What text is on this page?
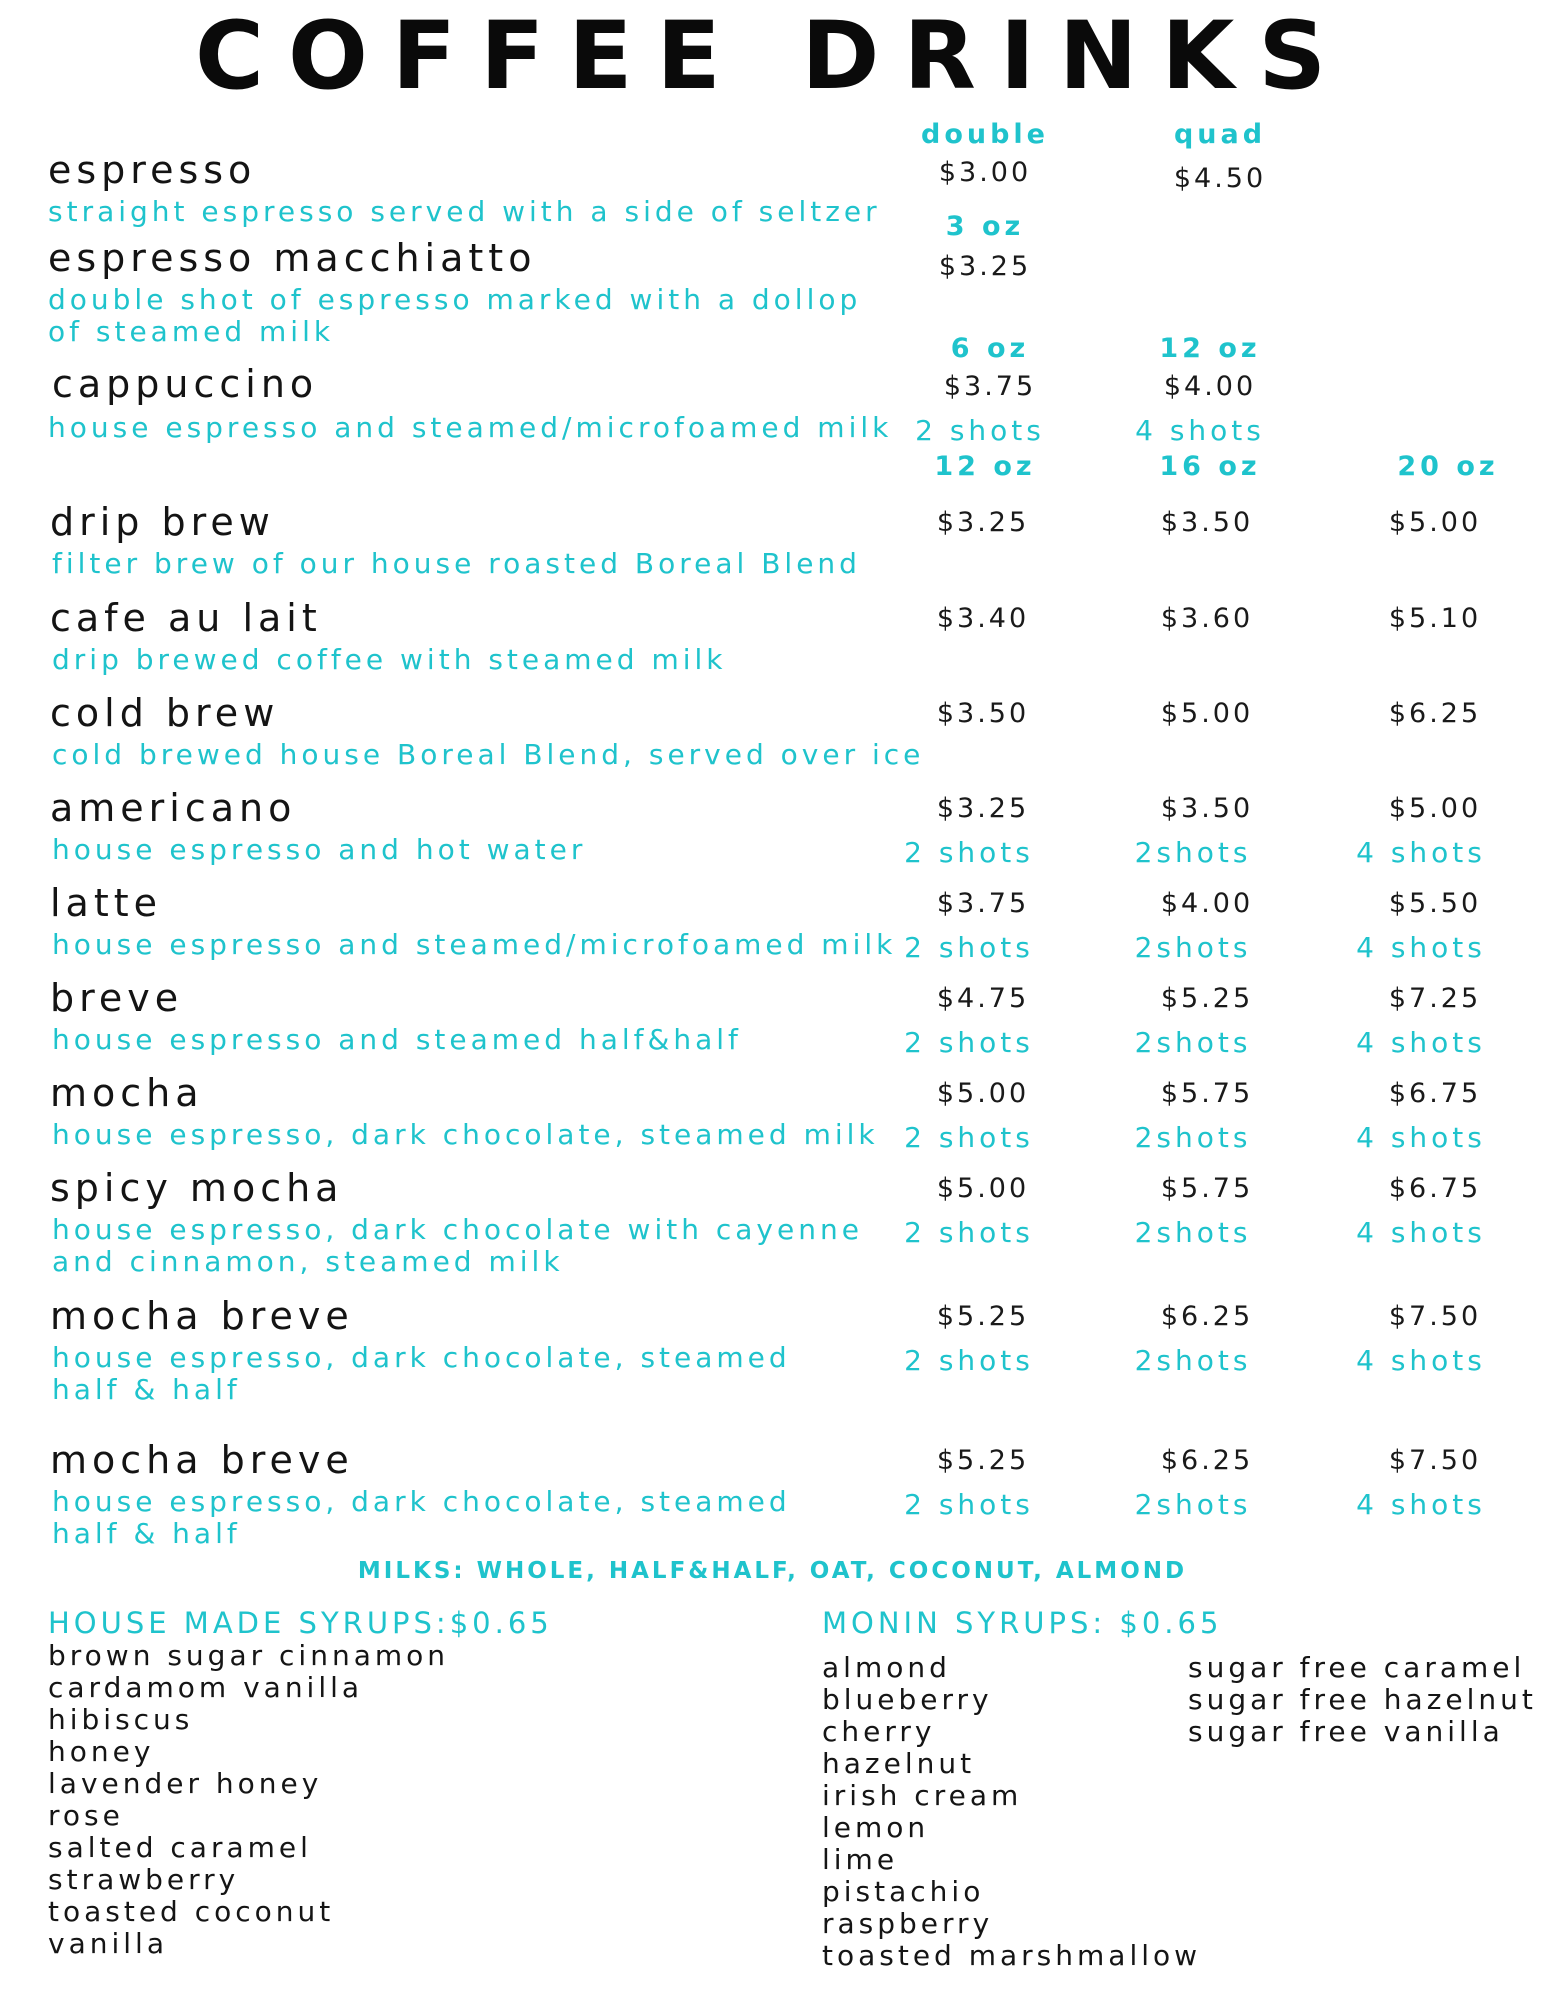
COFFEE DRINKS
double	quad
espresso
straight espresso served with a side of seltzer
$3.00	$4.50
3 oz
espresso macchiatto
double shot of espresso marked with a dollop
of steamed milk
$3.25
6 oz	12 oz
cappuccino
house espresso and steamed/microfoamed milk
$3.75	$4.00
2 shots	4 shots
12 oz	16 oz	20 oz
drip brew
filter brew of our house roasted Boreal Blend
$3.25	$3.50	$5.00
cafe au lait
drip brewed coffee with steamed milk
$3.40	$3.60	$5.10
cold brew
cold brewed house Boreal Blend, served over ice
$3.50	$5.00	$6.25
americano
house espresso and hot water
$3.25	$3.50	$5.00
2 shots	2shots	4 shots
latte
house espresso and steamed/microfoamed milk
$3.75	$4.00	$5.50
2 shots	2shots	4 shots
breve
house espresso and steamed half&half
$4.75	$5.25	$7.25
2 shots	2shots	4 shots
mocha
house espresso, dark chocolate, steamed milk
$5.00	$5.75	$6.75
2 shots	2shots	4 shots
spicy mocha
house espresso, dark chocolate with cayenne
and cinnamon, steamed milk
$5.00	$5.75	$6.75
2 shots	2shots	4 shots
mocha breve
house espresso, dark chocolate, steamed
half & half
$5.25	$6.25	$7.50
2 shots	2shots	4 shots
mocha breve
house espresso, dark chocolate, steamed
half & half
$5.25	$6.25	$7.50
2 shots	2shots	4 shots
MILKS: WHOLE, HALF&HALF, OAT, COCONUT, ALMOND
HOUSE MADE SYRUPS:$0.65
brown sugar cinnamon
cardamom vanilla
hibiscus
honey
lavender honey
rose
salted caramel
strawberry
toasted coconut
vanilla
MONIN SYRUPS: $0.65
almond
blueberry
cherry
hazelnut
irish cream
lemon
lime
pistachio
raspberry
toasted marshmallow
sugar free caramel
sugar free hazelnut
sugar free vanilla
